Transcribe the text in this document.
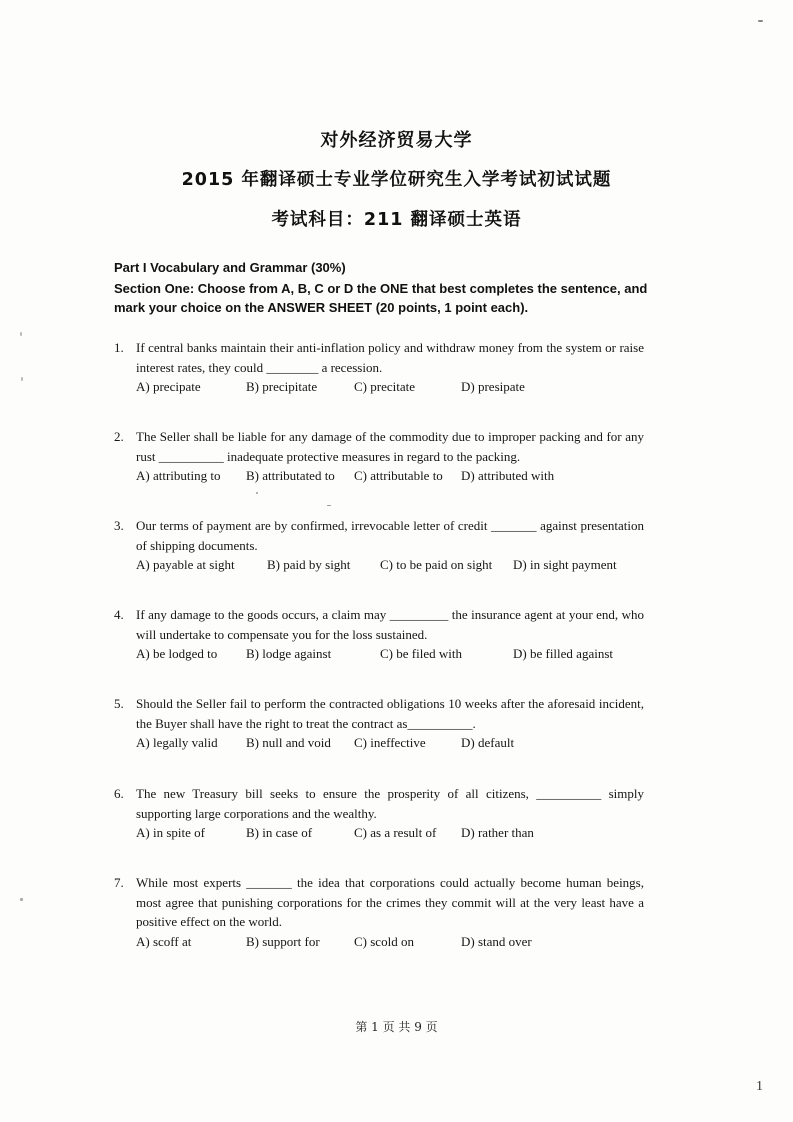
对外经济贸易大学
2015 年翻译硕士专业学位研究生入学考试初试试题
考试科目：211 翻译硕士英语
Part I Vocabulary and Grammar (30%)
Section One: Choose from A, B, C or D the ONE that best completes the sentence, and mark your choice on the ANSWER SHEET (20 points, 1 point each).
1. If central banks maintain their anti-inflation policy and withdraw money from the system or raise interest rates, they could ________ a recession.
A) precipate	B) precipitate	C) precitate	D) presipate
2. The Seller shall be liable for any damage of the commodity due to improper packing and for any rust __________ inadequate protective measures in regard to the packing.
A) attributing to B) attributated to C) attributable to D) attributed with
3. Our terms of payment are by confirmed, irrevocable letter of credit _______ against presentation of shipping documents.
A) payable at sight B) paid by sight C) to be paid on sight D) in sight payment
4. If any damage to the goods occurs, a claim may _________ the insurance agent at your end, who will undertake to compensate you for the loss sustained.
A) be lodged to B) lodge against	C) be filed with	D) be filled against
5. Should the Seller fail to perform the contracted obligations 10 weeks after the aforesaid incident, the Buyer shall have the right to treat the contract as__________.
A) legally valid B) null and void C) ineffective	D) default
6. The new Treasury bill seeks to ensure the prosperity of all citizens, __________ simply supporting large corporations and the wealthy.
A) in spite of	B) in case of	C) as a result of D) rather than
7. While most experts _______ the idea that corporations could actually become human beings, most agree that punishing corporations for the crimes they commit will at the very least have a positive effect on the world.
A) scoff at	B) support for	C) scold on	D) stand over
第 1 页 共 9 页
1
